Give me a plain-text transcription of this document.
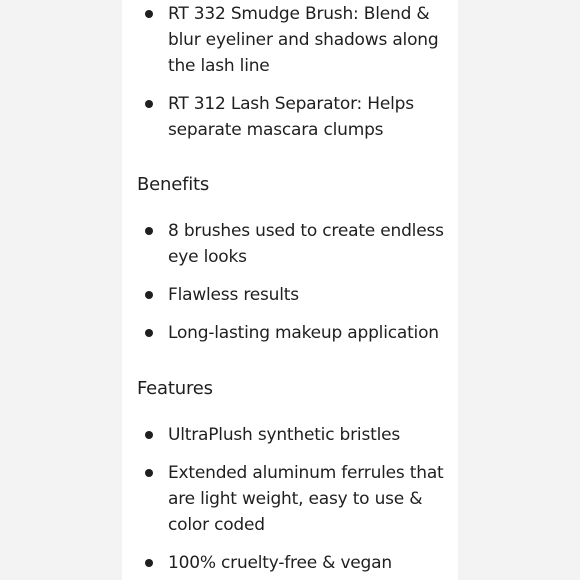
RT 332 Smudge Brush: Blend & blur eyeliner and shadows along the lash line
RT 312 Lash Separator: Helps separate mascara clumps
Benefits
8 brushes used to create endless eye looks
Flawless results
Long-lasting makeup application
Features
UltraPlush synthetic bristles
Extended aluminum ferrules that are light weight, easy to use & color coded
100% cruelty-free & vegan
